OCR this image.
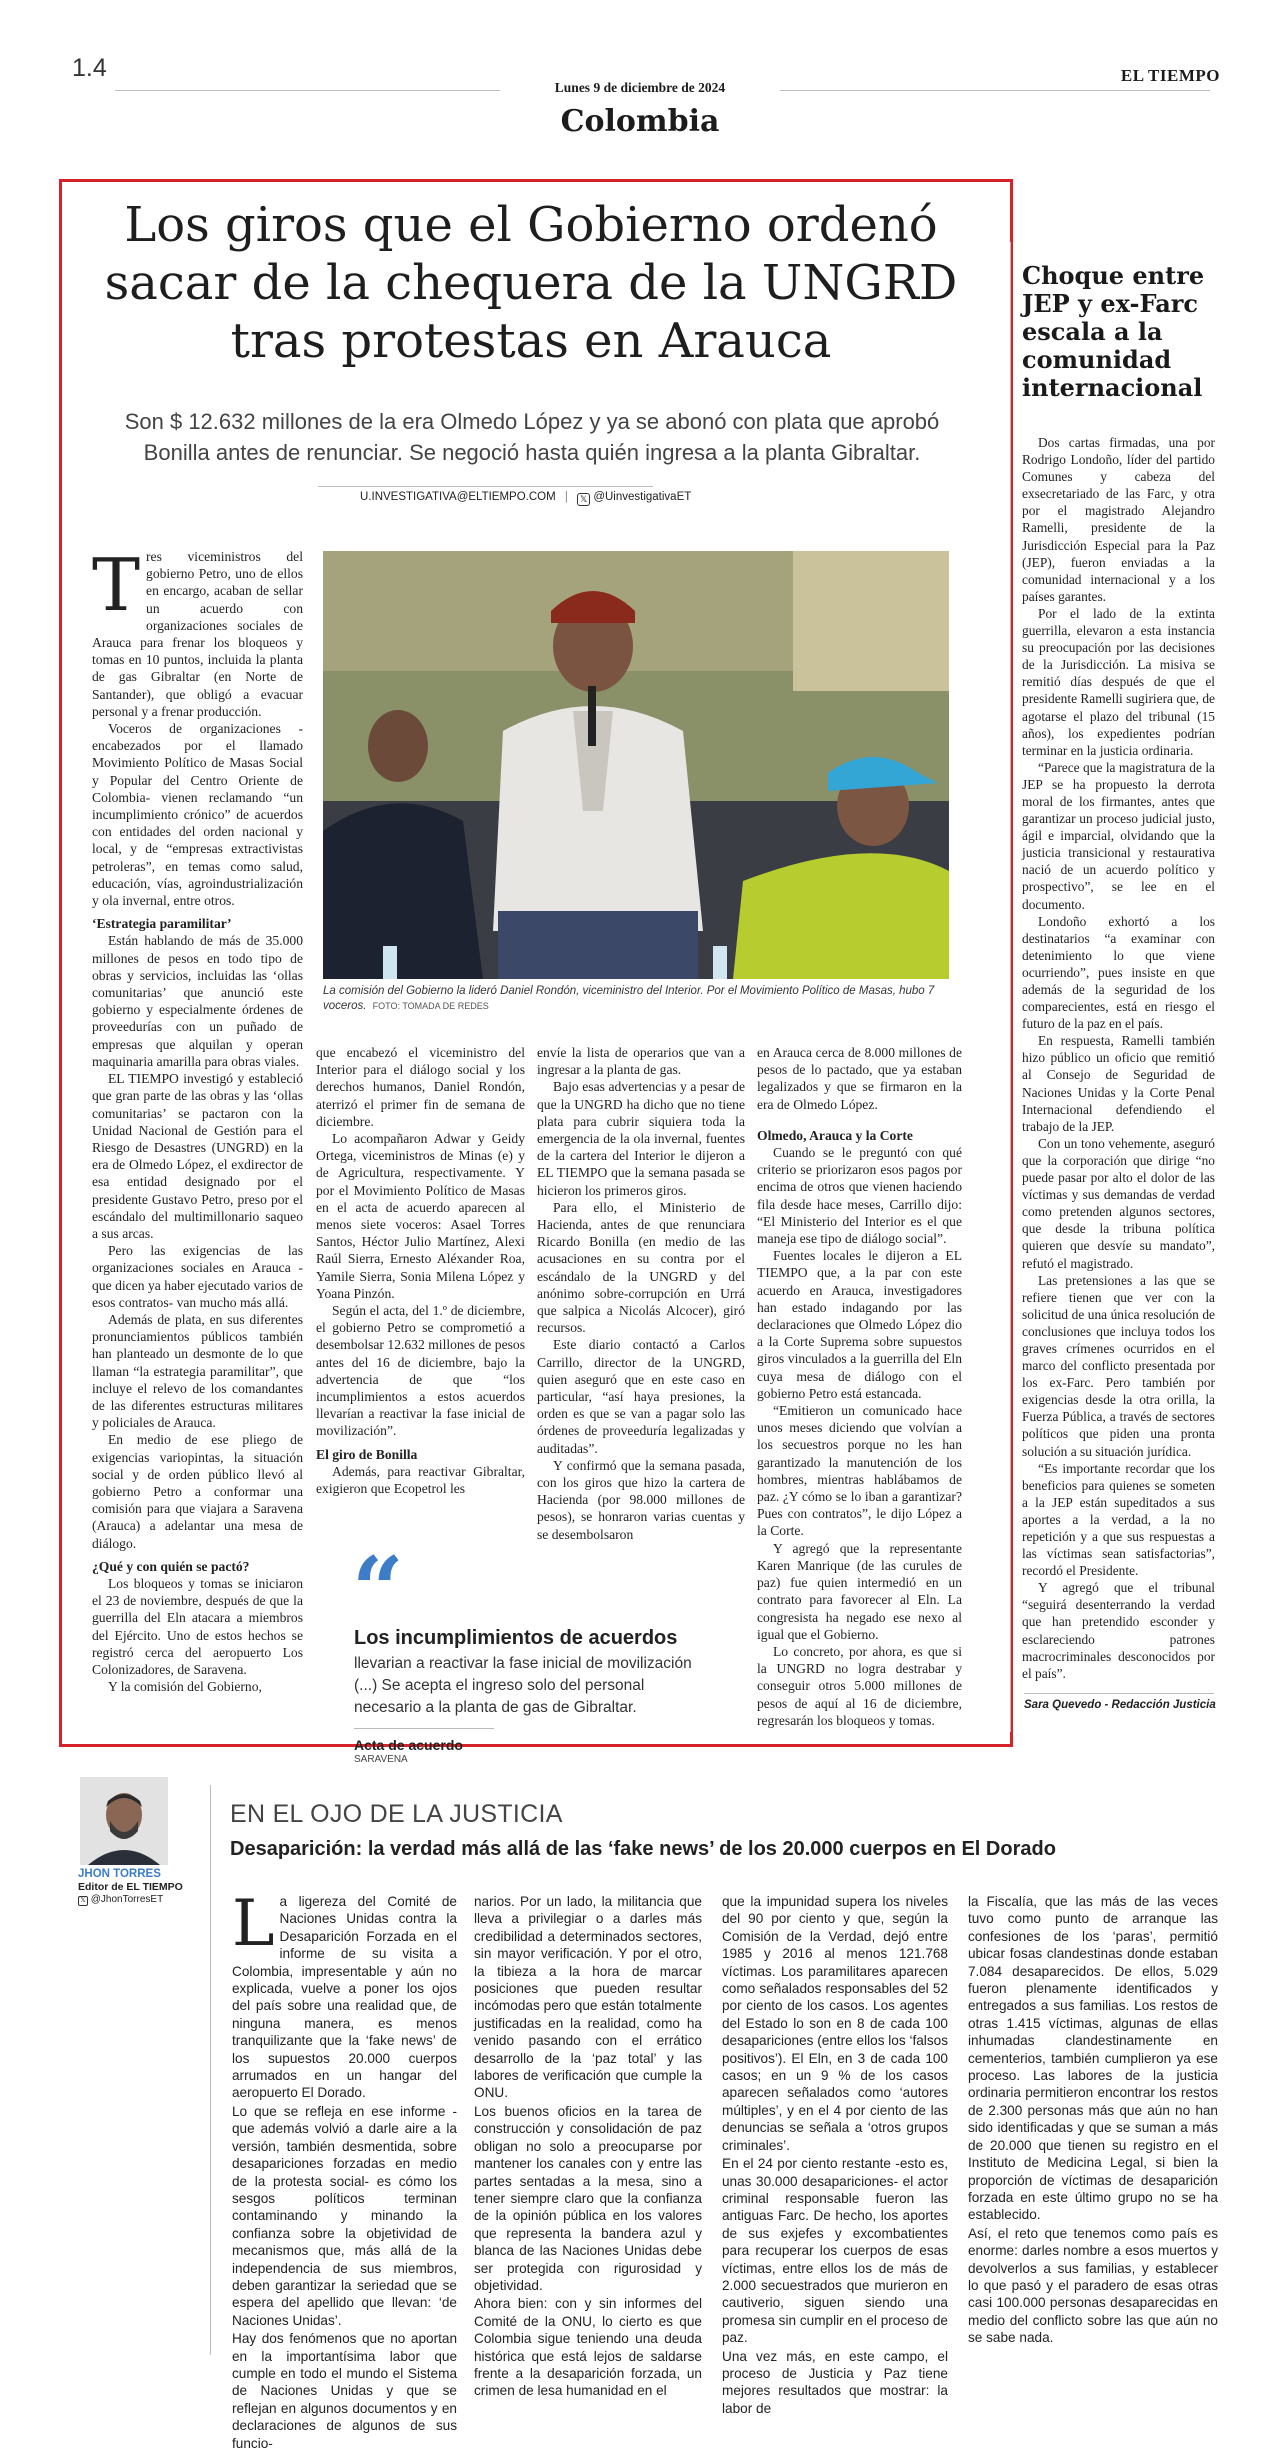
1.4
Lunes 9 de diciembre de 2024
EL TIEMPO
Colombia
Los giros que el Gobierno ordenó sacar de la chequera de la UNGRD tras protestas en Arauca
Son $ 12.632 millones de la era Olmedo López y ya se abonó con plata que aprobó Bonilla antes de renunciar. Se negoció hasta quién ingresa a la planta Gibraltar.
U.INVESTIGATIVA@ELTIEMPO.COM | 𝕏 @UinvestigativaET
La comisión del Gobierno la lideró Daniel Rondón, viceministro del Interior. Por el Movimiento Político de Masas, hubo 7 voceros. FOTO: TOMADA DE REDES
T res viceministros del gobierno Petro, uno de ellos en encargo, acaban de sellar un acuerdo con organizaciones sociales de Arauca para frenar los bloqueos y tomas en 10 puntos, incluida la planta de gas Gibraltar (en Norte de Santander), que obligó a evacuar personal y a frenar producción.

Voceros de organizaciones -encabezados por el llamado Movimiento Político de Masas Social y Popular del Centro Oriente de Colombia- vienen reclamando “un incumplimiento crónico” de acuerdos con entidades del orden nacional y local, y de “empresas extractivistas petroleras”, en temas como salud, educación, vías, agroindustrialización y ola invernal, entre otros.

‘Estrategia paramilitar’

Están hablando de más de 35.000 millones de pesos en todo tipo de obras y servicios, incluidas las ‘ollas comunitarias’ que anunció este gobierno y especialmente órdenes de proveedurías con un puñado de empresas que alquilan y operan maquinaria amarilla para obras viales.

EL TIEMPO investigó y estableció que gran parte de las obras y las ‘ollas comunitarias’ se pactaron con la Unidad Nacional de Gestión para el Riesgo de Desastres (UNGRD) en la era de Olmedo López, el exdirector de esa entidad designado por el presidente Gustavo Petro, preso por el escándalo del multimillonario saqueo a sus arcas.

Pero las exigencias de las organizaciones sociales en Arauca -que dicen ya haber ejecutado varios de esos contratos- van mucho más allá.

Además de plata, en sus diferentes pronunciamientos públicos también han planteado un desmonte de lo que llaman “la estrategia paramilitar”, que incluye el relevo de los comandantes de las diferentes estructuras militares y policiales de Arauca.

En medio de ese pliego de exigencias variopintas, la situación social y de orden público llevó al gobierno Petro a conformar una comisión para que viajara a Saravena (Arauca) a adelantar una mesa de diálogo.

¿Qué y con quién se pactó?

Los bloqueos y tomas se iniciaron el 23 de noviembre, después de que la guerrilla del Eln atacara a miembros del Ejército. Uno de estos hechos se registró cerca del aeropuerto Los Colonizadores, de Saravena.

Y la comisión del Gobierno,

que encabezó el viceministro del Interior para el diálogo social y los derechos humanos, Daniel Rondón, aterrizó el primer fin de semana de diciembre.

Lo acompañaron Adwar y Geidy Ortega, viceministros de Minas (e) y de Agricultura, respectivamente. Y por el Movimiento Político de Masas en el acta de acuerdo aparecen al menos siete voceros: Asael Torres Santos, Héctor Julio Martínez, Alexi Raúl Sierra, Ernesto Aléxander Roa, Yamile Sierra, Sonia Milena López y Yoana Pinzón.

Según el acta, del 1.º de diciembre, el gobierno Petro se comprometió a desembolsar 12.632 millones de pesos antes del 16 de diciembre, bajo la advertencia de que “los incumplimientos a estos acuerdos llevarían a reactivar la fase inicial de movilización”.

El giro de Bonilla

Además, para reactivar Gibraltar, exigieron que Ecopetrol les

envíe la lista de operarios que van a ingresar a la planta de gas.

Bajo esas advertencias y a pesar de que la UNGRD ha dicho que no tiene plata para cubrir siquiera toda la emergencia de la ola invernal, fuentes de la cartera del Interior le dijeron a EL TIEMPO que la semana pasada se hicieron los primeros giros.

Para ello, el Ministerio de Hacienda, antes de que renunciara Ricardo Bonilla (en medio de las acusaciones en su contra por el escándalo de la UNGRD y del anónimo sobre-corrupción en Urrá que salpica a Nicolás Alcocer), giró recursos.

Este diario contactó a Carlos Carrillo, director de la UNGRD, quien aseguró que en este caso en particular, “así haya presiones, la orden es que se van a pagar solo las órdenes de proveeduría legalizadas y auditadas”.

Y confirmó que la semana pasada, con los giros que hizo la cartera de Hacienda (por 98.000 millones de pesos), se honraron varias cuentas y se desembolsaron

en Arauca cerca de 8.000 millones de pesos de lo pactado, que ya estaban legalizados y que se firmaron en la era de Olmedo López.

Olmedo, Arauca y la Corte

Cuando se le preguntó con qué criterio se priorizaron esos pagos por encima de otros que vienen haciendo fila desde hace meses, Carrillo dijo: “El Ministerio del Interior es el que maneja ese tipo de diálogo social”.

Fuentes locales le dijeron a EL TIEMPO que, a la par con este acuerdo en Arauca, investigadores han estado indagando por las declaraciones que Olmedo López dio a la Corte Suprema sobre supuestos giros vinculados a la guerrilla del Eln cuya mesa de diálogo con el gobierno Petro está estancada.

“Emitieron un comunicado hace unos meses diciendo que volvían a los secuestros porque no les han garantizado la manutención de los hombres, mientras hablábamos de paz. ¿Y cómo se lo iban a garantizar? Pues con contratos”, le dijo López a la Corte.

Y agregó que la representante Karen Manrique (de las curules de paz) fue quien intermedió en un contrato para favorecer al Eln. La congresista ha negado ese nexo al igual que el Gobierno.

Lo concreto, por ahora, es que si la UNGRD no logra destrabar y conseguir otros 5.000 millones de pesos de aquí al 16 de diciembre, regresarán los bloqueos y tomas.

“
Los incumplimientos de acuerdos
llevarian a reactivar la fase inicial de movilización (...) Se acepta el ingreso solo del personal necesario a la planta de gas de Gibraltar.
Acta de acuerdo
SARAVENA
Choque entre JEP y ex-Farc escala a la comunidad internacional

Dos cartas firmadas, una por Rodrigo Londoño, líder del partido Comunes y cabeza del exsecretariado de las Farc, y otra por el magistrado Alejandro Ramelli, presidente de la Jurisdicción Especial para la Paz (JEP), fueron enviadas a la comunidad internacional y a los países garantes.

Por el lado de la extinta guerrilla, elevaron a esta instancia su preocupación por las decisiones de la Jurisdicción. La misiva se remitió días después de que el presidente Ramelli sugiriera que, de agotarse el plazo del tribunal (15 años), los expedientes podrían terminar en la justicia ordinaria.

“Parece que la magistratura de la JEP se ha propuesto la derrota moral de los firmantes, antes que garantizar un proceso judicial justo, ágil e imparcial, olvidando que la justicia transicional y restaurativa nació de un acuerdo político y prospectivo”, se lee en el documento.

Londoño exhortó a los destinatarios “a examinar con detenimiento lo que viene ocurriendo”, pues insiste en que además de la seguridad de los comparecientes, está en riesgo el futuro de la paz en el país.

En respuesta, Ramelli también hizo público un oficio que remitió al Consejo de Seguridad de Naciones Unidas y la Corte Penal Internacional defendiendo el trabajo de la JEP.

Con un tono vehemente, aseguró que la corporación que dirige “no puede pasar por alto el dolor de las víctimas y sus demandas de verdad como pretenden algunos sectores, que desde la tribuna política quieren que desvíe su mandato”, refutó el magistrado.

Las pretensiones a las que se refiere tienen que ver con la solicitud de una única resolución de conclusiones que incluya todos los graves crímenes ocurridos en el marco del conflicto presentada por los ex-Farc. Pero también por exigencias desde la otra orilla, la Fuerza Pública, a través de sectores políticos que piden una pronta solución a su situación jurídica.

“Es importante recordar que los beneficios para quienes se someten a la JEP están supeditados a sus aportes a la verdad, a la no repetición y a que sus respuestas a las víctimas sean satisfactorias”, recordó el Presidente.

Y agregó que el tribunal “seguirá desenterrando la verdad que han pretendido esconder y esclareciendo patrones macrocriminales desconocidos por el país”.

Sara Quevedo - Redacción Justicia
EN EL OJO DE LA JUSTICIA
Desaparición: la verdad más allá de las ‘fake news’ de los 20.000 cuerpos en El Dorado
JHON TORRES
Editor de EL TIEMPO
𝕏 @JhonTorresET L a ligereza del Comité de Naciones Unidas contra la Desaparición Forzada en el informe de su visita a Colombia, impresentable y aún no explicada, vuelve a poner los ojos del país sobre una realidad que, de ninguna manera, es menos tranquilizante que la ‘fake news’ de los supuestos 20.000 cuerpos arrumados en un hangar del aeropuerto El Dorado.

Lo que se refleja en ese informe -que además volvió a darle aire a la versión, también desmentida, sobre desapariciones forzadas en medio de la protesta social- es cómo los sesgos políticos terminan contaminando y minando la confianza sobre la objetividad de mecanismos que, más allá de la independencia de sus miembros, deben garantizar la seriedad que se espera del apellido que llevan: ‘de Naciones Unidas’.

Hay dos fenómenos que no aportan en la importantísima labor que cumple en todo el mundo el Sistema de Naciones Unidas y que se reflejan en algunos documentos y en declaraciones de algunos de sus funcio-

narios. Por un lado, la militancia que lleva a privilegiar o a darles más credibilidad a determinados sectores, sin mayor verificación. Y por el otro, la tibieza a la hora de marcar posiciones que pueden resultar incómodas pero que están totalmente justificadas en la realidad, como ha venido pasando con el errático desarrollo de la ‘paz total’ y las labores de verificación que cumple la ONU.

Los buenos oficios en la tarea de construcción y consolidación de paz obligan no solo a preocuparse por mantener los canales con y entre las partes sentadas a la mesa, sino a tener siempre claro que la confianza de la opinión pública en los valores que representa la bandera azul y blanca de las Naciones Unidas debe ser protegida con rigurosidad y objetividad.

Ahora bien: con y sin informes del Comité de la ONU, lo cierto es que Colombia sigue teniendo una deuda histórica que está lejos de saldarse frente a la desaparición forzada, un crimen de lesa humanidad en el

que la impunidad supera los niveles del 90 por ciento y que, según la Comisión de la Verdad, dejó entre 1985 y 2016 al menos 121.768 víctimas. Los paramilitares aparecen como señalados responsables del 52 por ciento de los casos. Los agentes del Estado lo son en 8 de cada 100 desapariciones (entre ellos los ‘falsos positivos’). El Eln, en 3 de cada 100 casos; en un 9 % de los casos aparecen señalados como ‘autores múltiples’, y en el 4 por ciento de las denuncias se señala a ‘otros grupos criminales’.

En el 24 por ciento restante -esto es, unas 30.000 desapariciones- el actor criminal responsable fueron las antiguas Farc. De hecho, los aportes de sus exjefes y excombatientes para recuperar los cuerpos de esas víctimas, entre ellos los de más de 2.000 secuestrados que murieron en cautiverio, siguen siendo una promesa sin cumplir en el proceso de paz.

Una vez más, en este campo, el proceso de Justicia y Paz tiene mejores resultados que mostrar: la labor de

la Fiscalía, que las más de las veces tuvo como punto de arranque las confesiones de los ‘paras’, permitió ubicar fosas clandestinas donde estaban 7.084 desaparecidos. De ellos, 5.029 fueron plenamente identificados y entregados a sus familias. Los restos de otras 1.415 víctimas, algunas de ellas inhumadas clandestinamente en cementerios, también cumplieron ya ese proceso. Las labores de la justicia ordinaria permitieron encontrar los restos de 2.300 personas más que aún no han sido identificadas y que se suman a más de 20.000 que tienen su registro en el Instituto de Medicina Legal, si bien la proporción de víctimas de desaparición forzada en este último grupo no se ha establecido.

Así, el reto que tenemos como país es enorme: darles nombre a esos muertos y devolverlos a sus familias, y establecer lo que pasó y el paradero de esas otras casi 100.000 personas desaparecidas en medio del conflicto sobre las que aún no se sabe nada.
